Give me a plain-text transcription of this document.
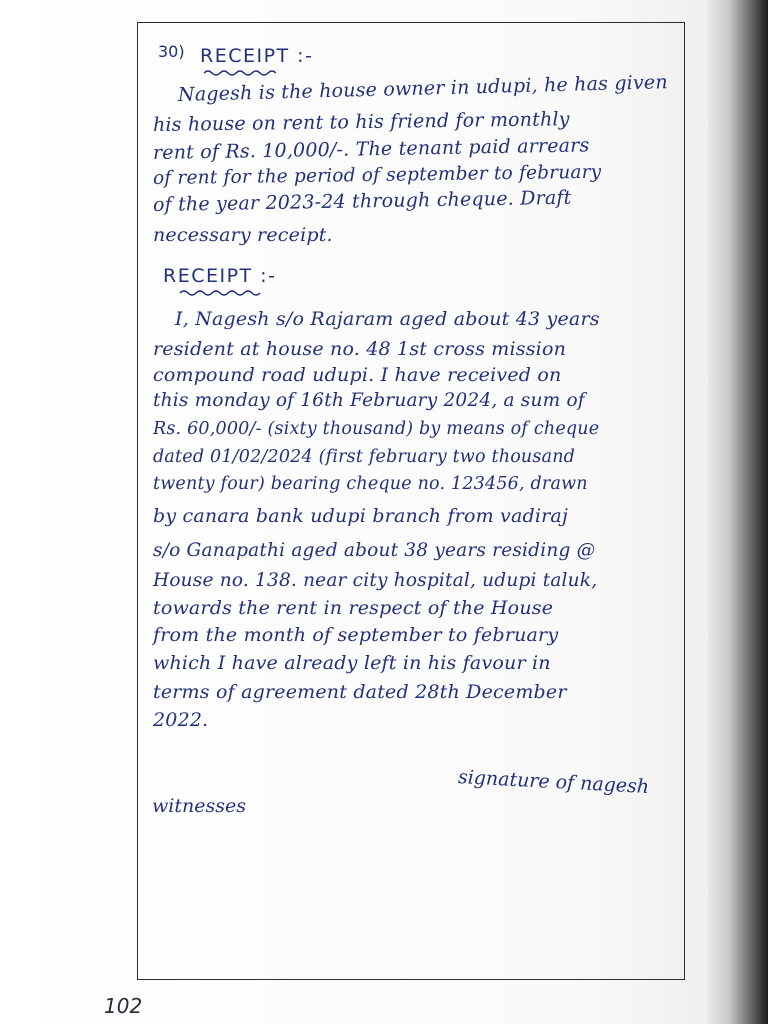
30) RECEIPT :-
Nagesh is the house owner in udupi, he has given
his house on rent to his friend for monthly
rent of Rs. 10,000/-. The tenant paid arrears
of rent for the period of september to february
of the year 2023-24 through cheque. Draft
necessary receipt.
RECEIPT :-
I, Nagesh s/o Rajaram aged about 43 years
resident at house no. 48 1st cross mission
compound road udupi. I have received on
this monday of 16th February 2024, a sum of
Rs. 60,000/- (sixty thousand) by means of cheque
dated 01/02/2024 (first february two thousand
twenty four) bearing cheque no. 123456, drawn
by canara bank udupi branch from vadiraj
s/o Ganapathi aged about 38 years residing @
House no. 138. near city hospital, udupi taluk,
towards the rent in respect of the House
from the month of september to february
which I have already left in his favour in
terms of agreement dated 28th December
2022.
signature of nagesh
witnesses
102
